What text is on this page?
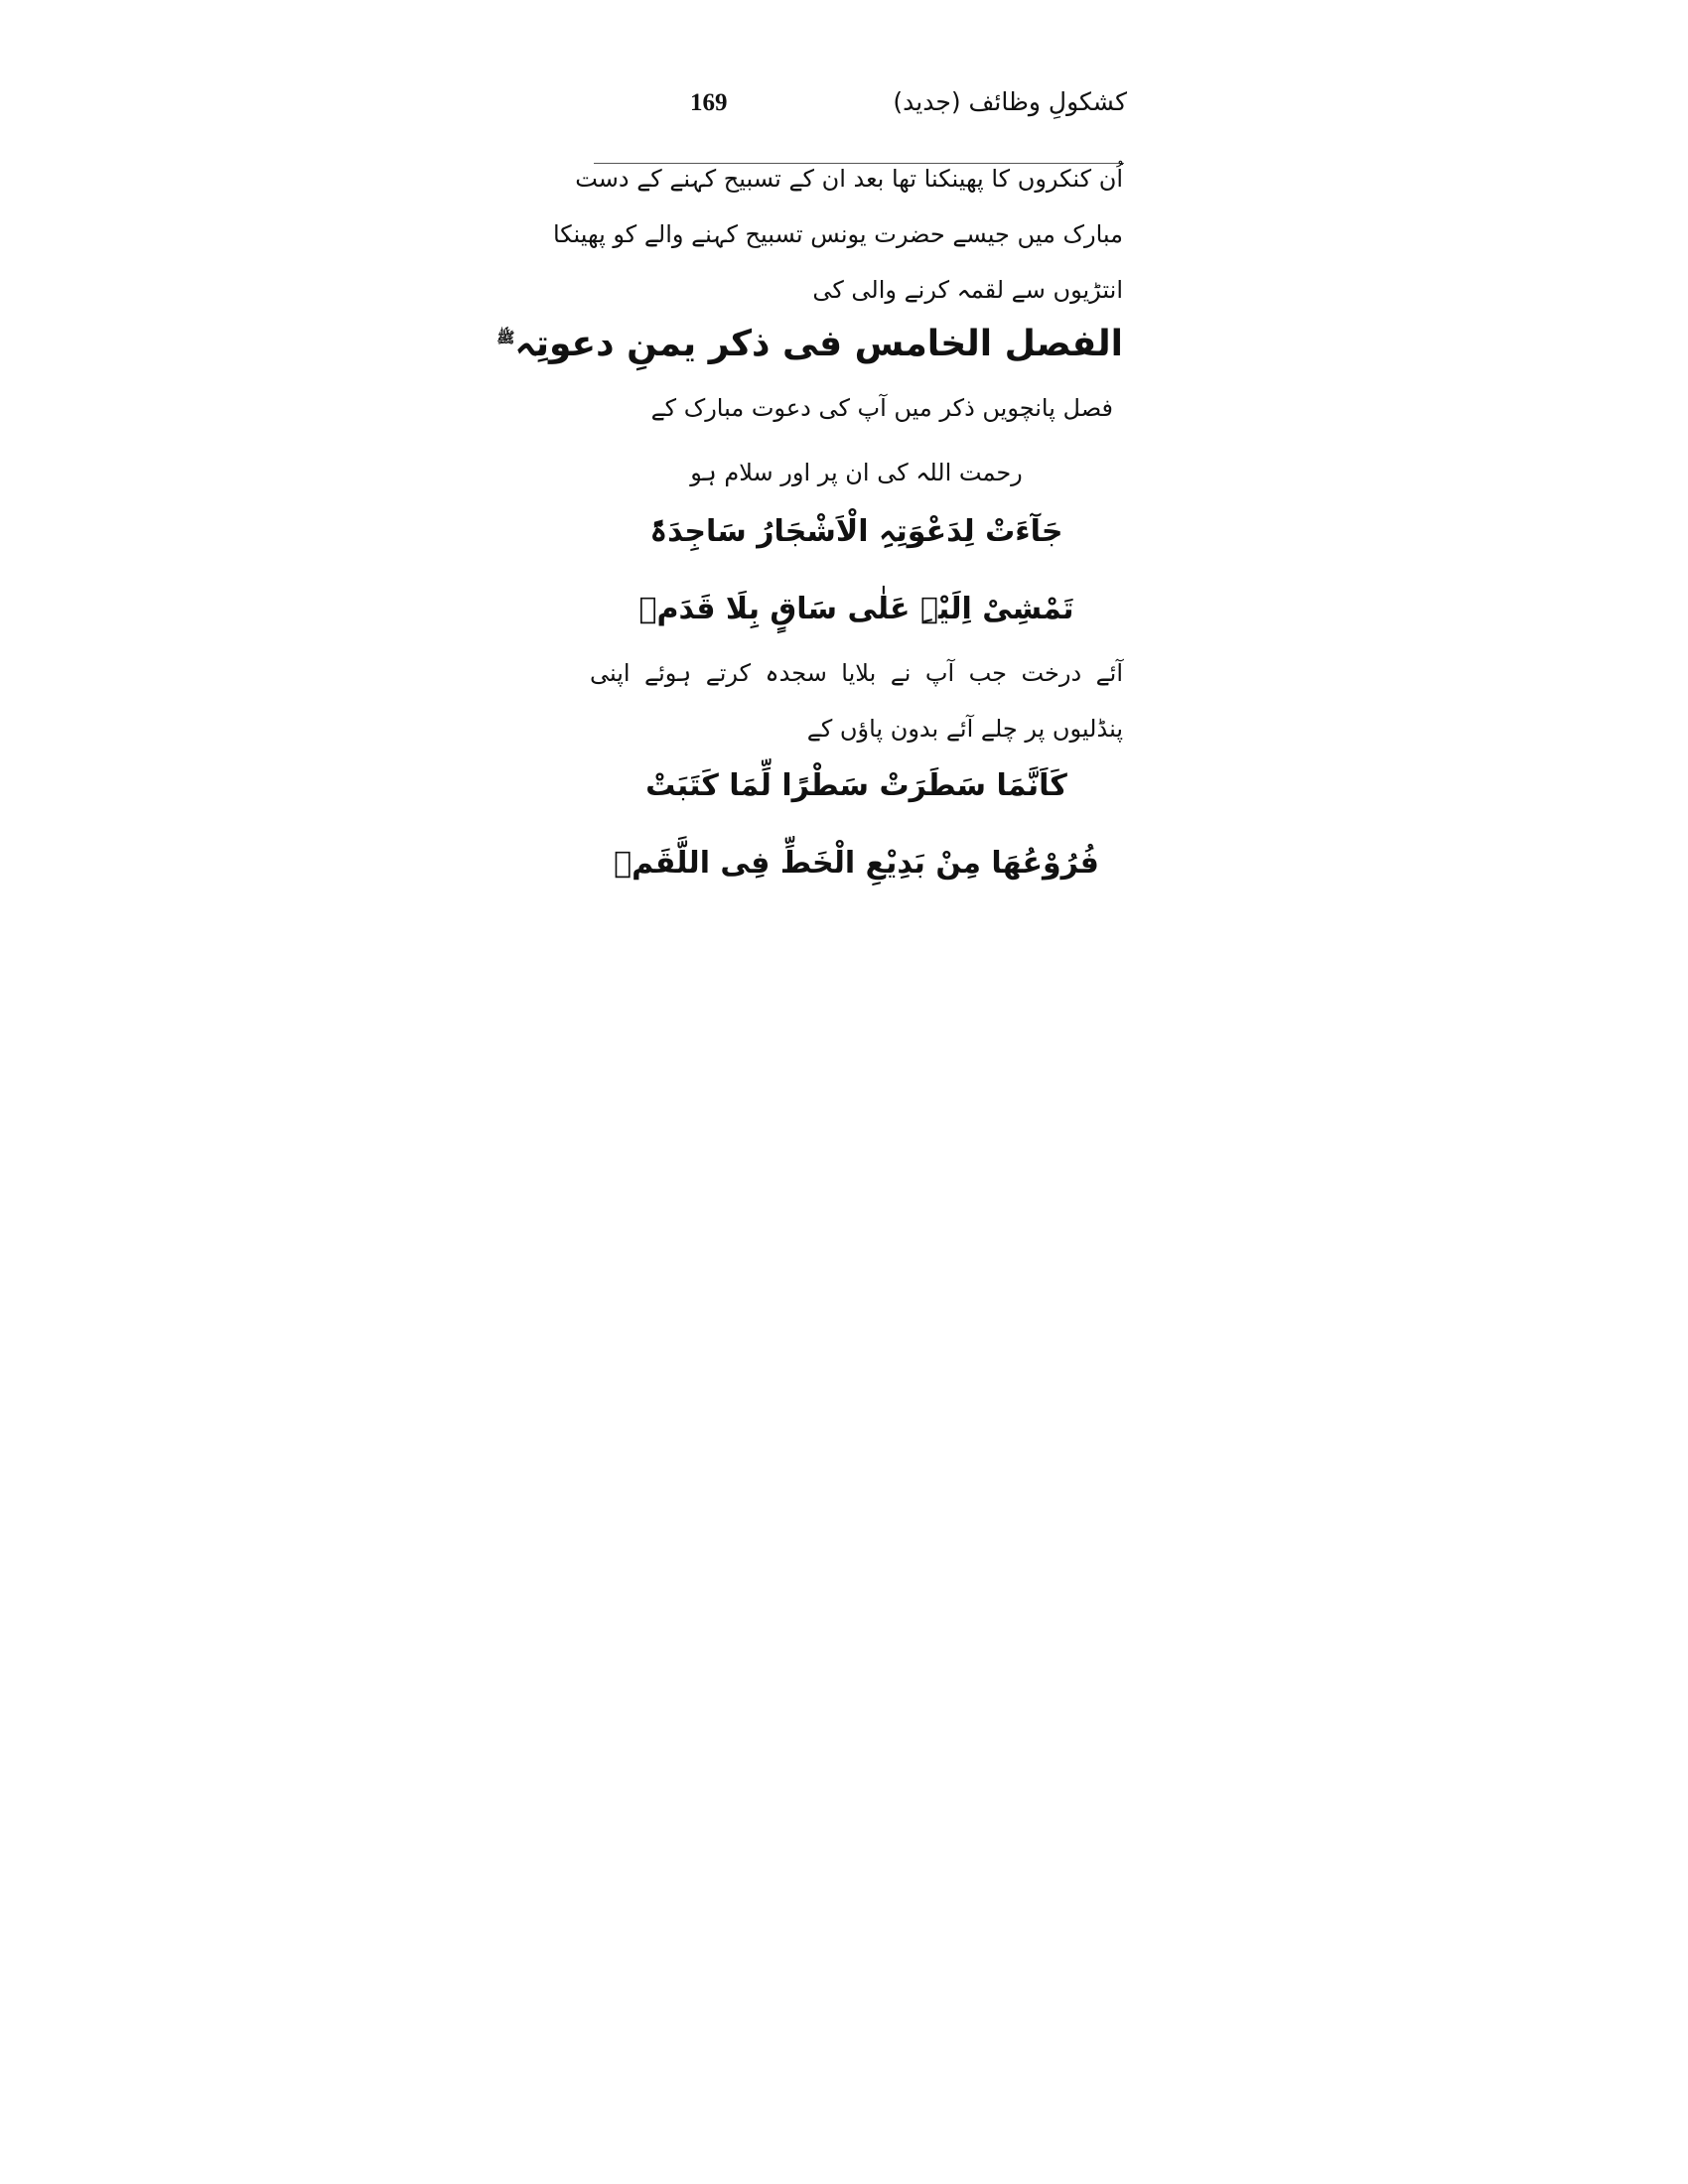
کشکولِ وظائف (جدید)
169
اُن کنکروں کا پھینکنا تھا بعد ان کے تسبیح کہنے کے دست
مبارک میں جیسے حضرت یونس تسبیح کہنے والے کو پھینکا
انتڑیوں سے لقمہ کرنے والی کی
الفصل الخامس فی ذکر یمنِ دعوتِہ$^ﷺ$
فصل پانچویں ذکر میں آپ کی دعوت مبارک کے
رحمت اللہ کی ان پر اور سلام ہو
جَآءَتْ لِدَعْوَتِہِ الْاَشْجَارُ سَاجِدَۃً
تَمْشِیْ اِلَیْہِ عَلٰی سَاقٍ بِلَا قَدَمٖ
آئے درخت جب آپ نے بلایا سجدہ کرتے ہوئے اپنی
پنڈلیوں پر چلے آئے بدون پاؤں کے
کَاَنَّمَا سَطَرَتْ سَطْرًا لِّمَا کَتَبَتْ
فُرُوْعُھَا مِنْ بَدِیْعِ الْخَطِّ فِی اللَّقَمٖ
